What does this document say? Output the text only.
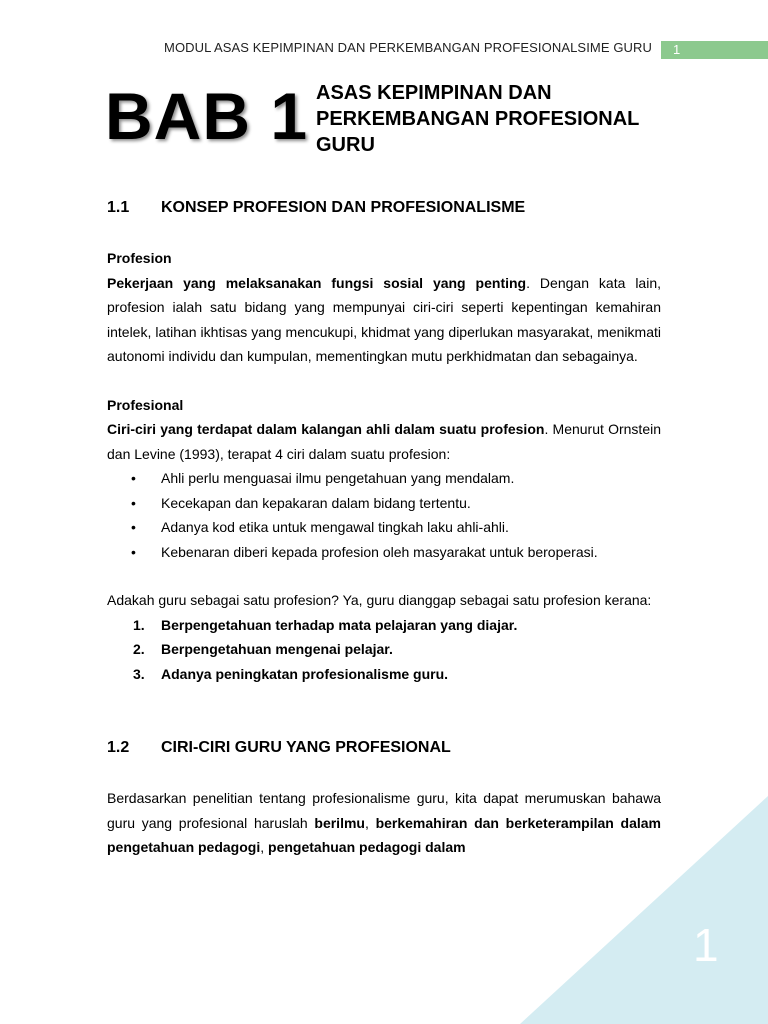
MODUL ASAS KEPIMPINAN DAN PERKEMBANGAN PROFESIONALSIME GURU	1
BAB 1 ASAS KEPIMPINAN DAN
PERKEMBANGAN PROFESIONAL
GURU
1.1	KONSEP PROFESION DAN PROFESIONALISME
Profesion

Pekerjaan yang melaksanakan fungsi sosial yang penting. Dengan kata lain, profesion ialah satu bidang yang mempunyai ciri-ciri seperti kepentingan kemahiran intelek, latihan ikhtisas yang mencukupi, khidmat yang diperlukan masyarakat, menikmati autonomi individu dan kumpulan, mementingkan mutu perkhidmatan dan sebagainya.

Profesional

Ciri-ciri yang terdapat dalam kalangan ahli dalam suatu profesion. Menurut Ornstein dan Levine (1993), terapat 4 ciri dalam suatu profesion:

•	Ahli perlu menguasai ilmu pengetahuan yang mendalam.
•	Kecekapan dan kepakaran dalam bidang tertentu.
•	Adanya kod etika untuk mengawal tingkah laku ahli-ahli.
•	Kebenaran diberi kepada profesion oleh masyarakat untuk beroperasi.

Adakah guru sebagai satu profesion? Ya, guru dianggap sebagai satu profesion kerana:

1.	Berpengetahuan terhadap mata pelajaran yang diajar.
2.	Berpengetahuan mengenai pelajar.
3.	Adanya peningkatan profesionalisme guru.
1.2	CIRI-CIRI GURU YANG PROFESIONAL

Berdasarkan penelitian tentang profesionalisme guru, kita dapat merumuskan bahawa guru yang profesional haruslah berilmu, berkemahiran dan berketerampilan dalam pengetahuan pedagogi, pengetahuan pedagogi dalam

1
